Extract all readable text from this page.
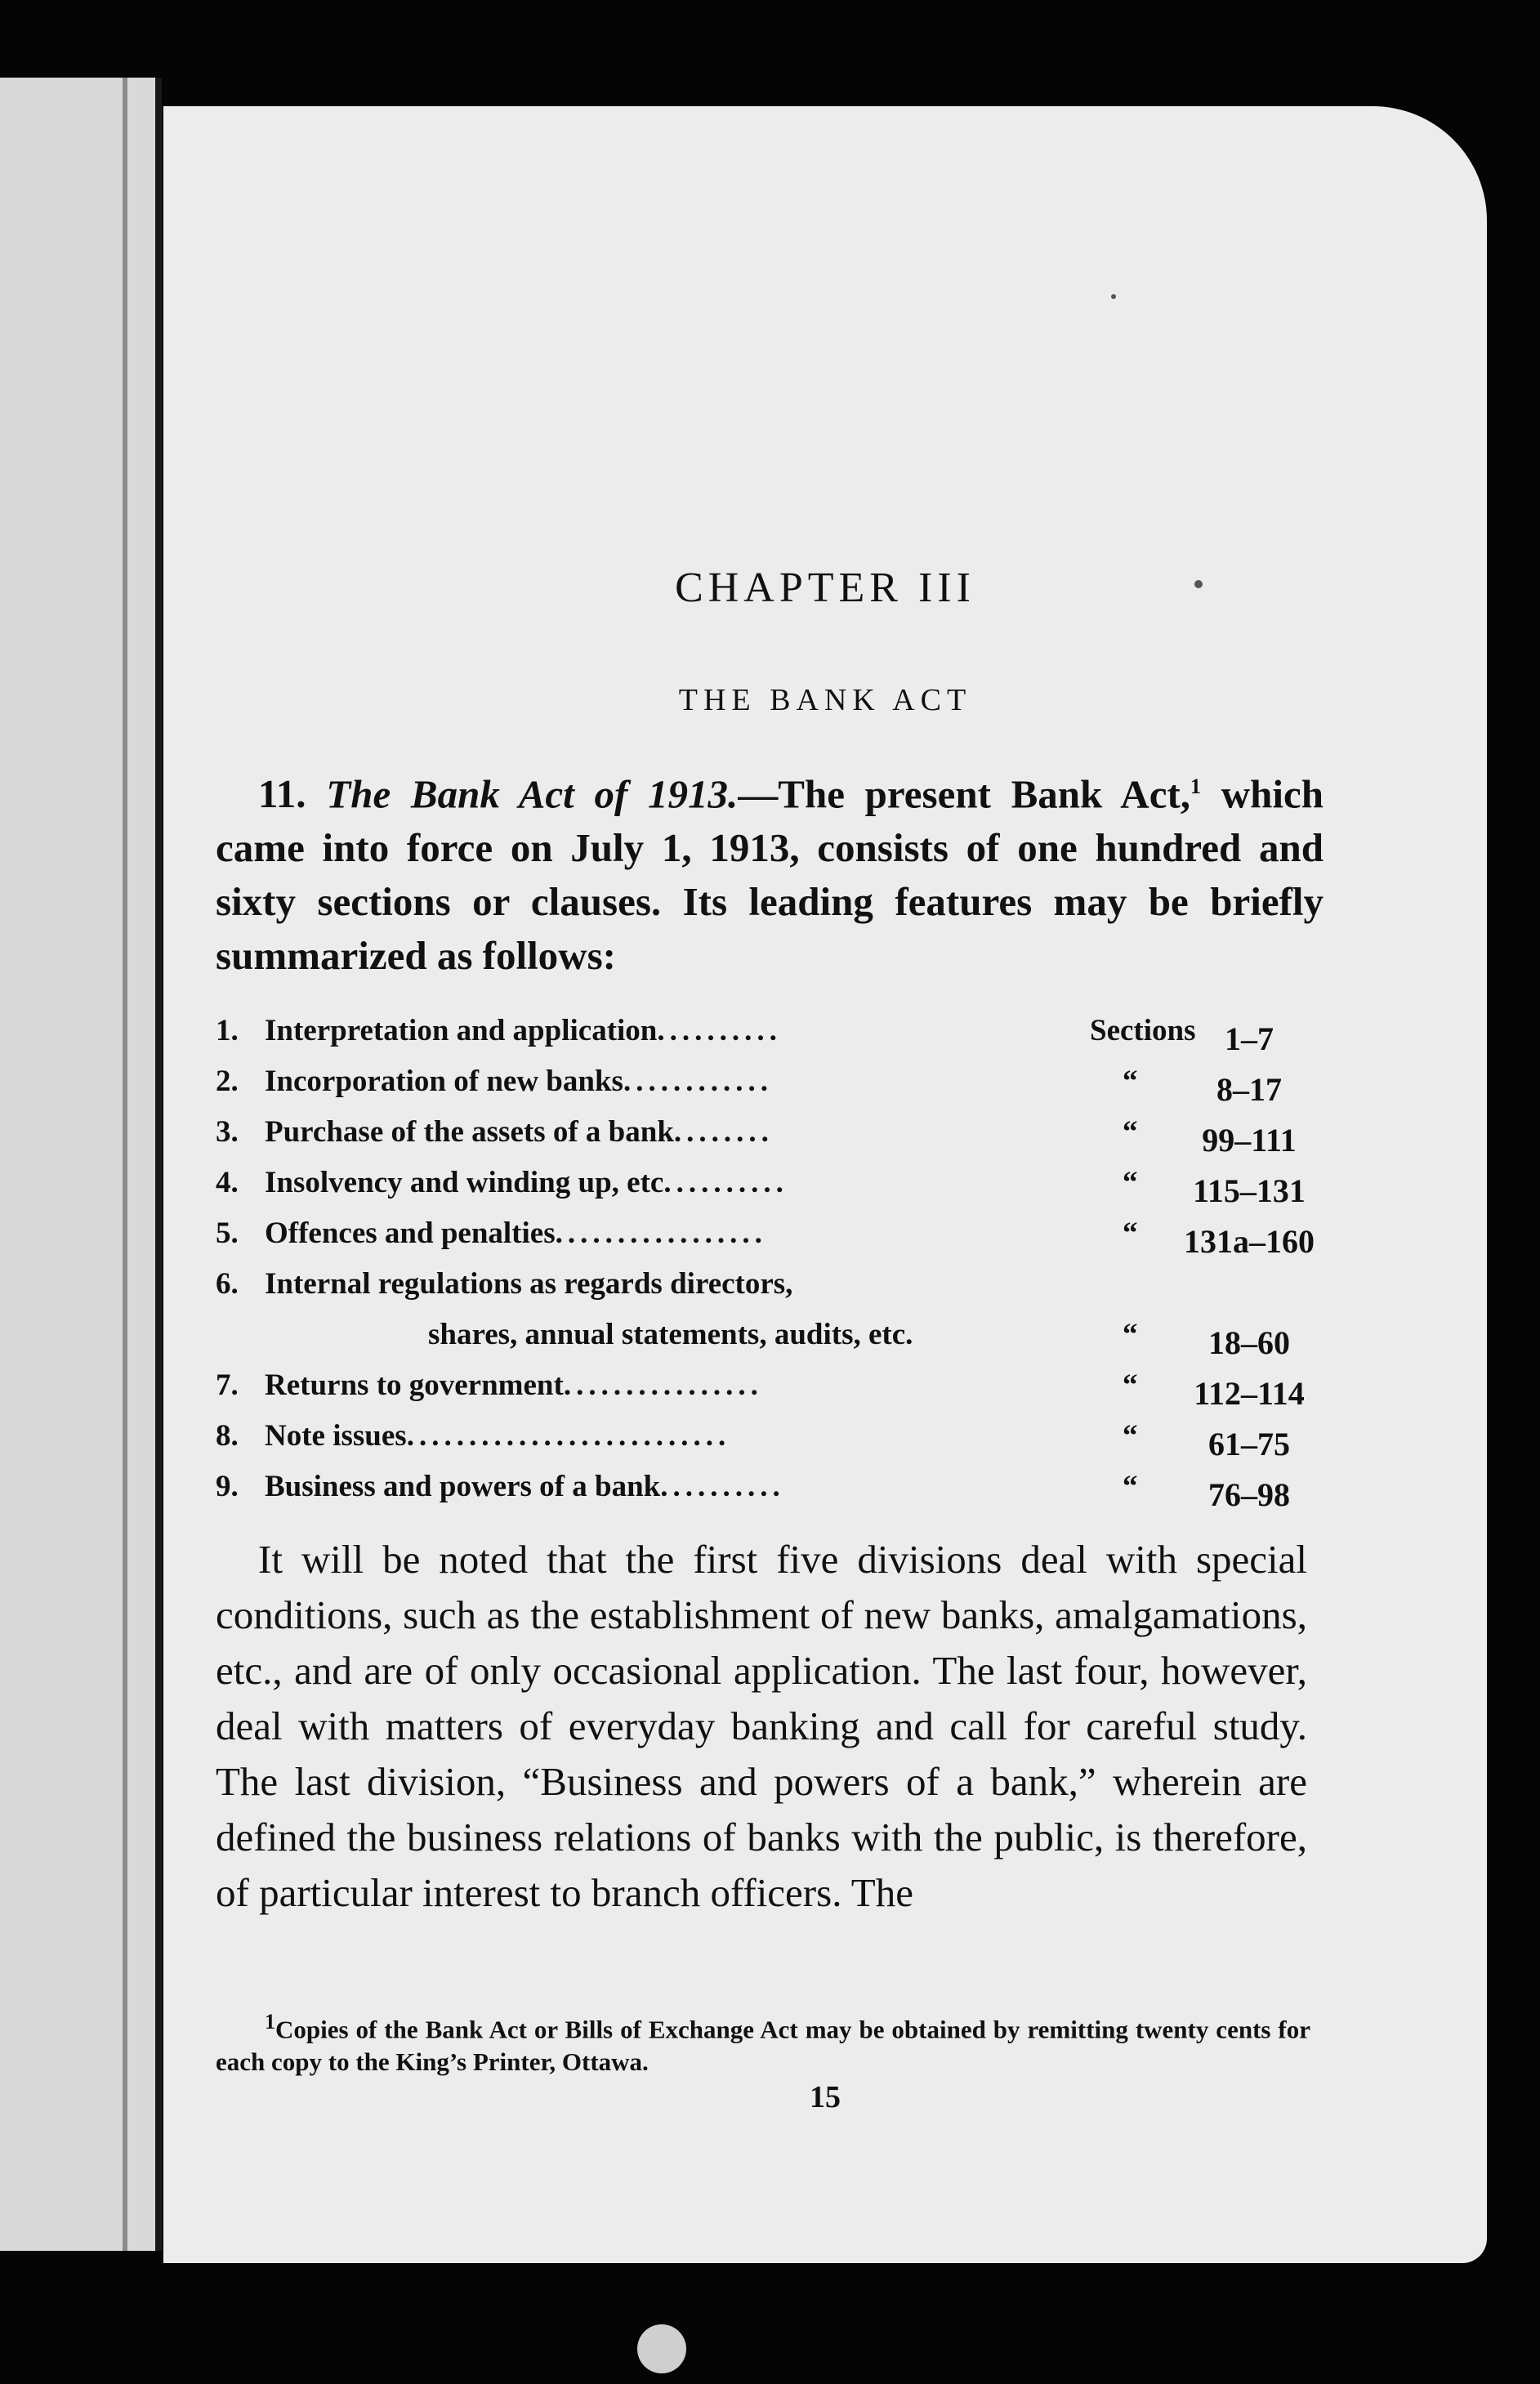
CHAPTER III
THE BANK ACT

11. The Bank Act of 1913.—The present Bank Act,$^1$ which came into force on July 1, 1913, consists of one hundred and sixty sections or clauses. Its leading features may be briefly summarized as follows:

1. Interpretation and application..........	Sections 1–7
2. Incorporation of new banks............	“	8–17
3. Purchase of the assets of a bank........	“	99–111
4. Insolvency and winding up, etc..........	“	115–131
5. Offences and penalties.................	“	131a–160
6. Internal regulations as regards directors,
shares, annual statements, audits, etc.	“	18–60
7. Returns to government................	“	112–114
8. Note issues..........................	“	61–75
9. Business and powers of a bank..........	“	76–98

It will be noted that the first five divisions deal with special conditions, such as the establishment of new banks, amalgamations, etc., and are of only occasional application. The last four, however, deal with matters of everyday banking and call for careful study. The last division, “Business and powers of a bank,” wherein are defined the business relations of banks with the public, is therefore, of particular interest to branch officers. The

$^1$Copies of the Bank Act or Bills of Exchange Act may be obtained by remitting twenty cents for each copy to the King’s Printer, Ottawa.

15
